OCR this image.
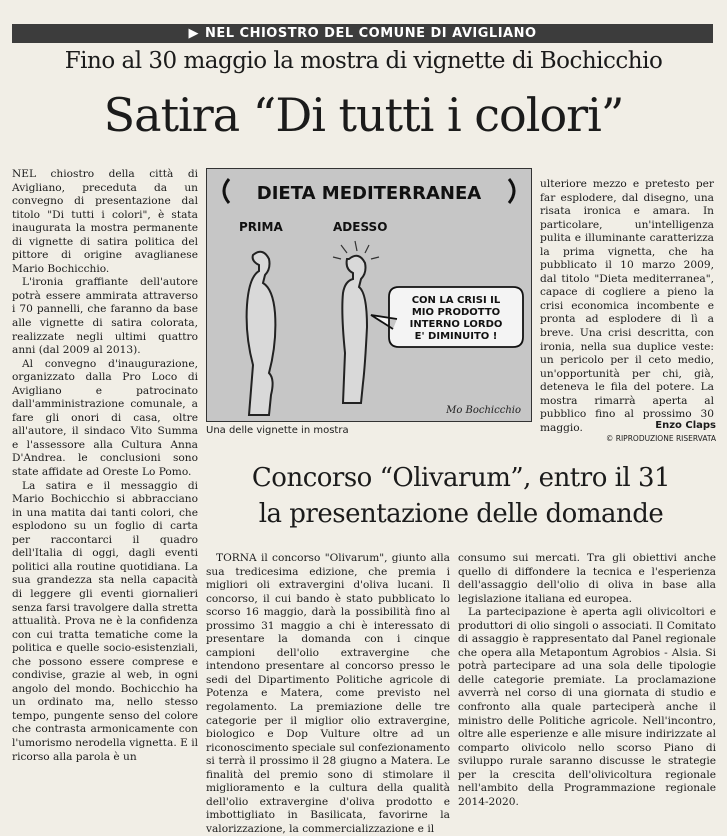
▶ NEL CHIOSTRO DEL COMUNE DI AVIGLIANO
Fino al 30 maggio la mostra di vignette di Bochicchio
Satira “Di tutti i colori”

NEL chiostro della città di Avigliano, preceduta da un convegno di presentazione dal titolo "Di tutti i colori", è stata inaugurata la mostra permanente di vignette di satira politica del pittore di origine avaglianese Mario Bochicchio.

L'ironia graffiante dell'autore potrà essere ammirata attraverso i 70 pannelli, che faranno da base alle vignette di satira colorata, realizzate negli ultimi quattro anni (dal 2009 al 2013).

Al convegno d'inaugurazione, organizzato dalla Pro Loco di Avigliano e patrocinato dall'amministrazione comunale, a fare gli onori di casa, oltre all'autore, il sindaco Vito Summa e l'assessore alla Cultura Anna D'Andrea. le conclusioni sono state affidate ad Oreste Lo Pomo.

La satira e il messaggio di Mario Bochicchio si abbracciano in una matita dai tanti colori, che esplodono su un foglio di carta per raccontarci il quadro dell'Italia di oggi, dagli eventi politici alla routine quotidiana. La sua grandezza sta nella capacità di leggere gli eventi giornalieri senza farsi travolgere dalla stretta attualità. Prova ne è la confidenza con cui tratta tematiche come la politica e quelle socio-esistenziali, che possono essere comprese e condivise, grazie al web, in ogni angolo del mondo. Bochicchio ha un ordinato ma, nello stesso tempo, pungente senso del colore che contrasta armonicamente con l'umorismo nerodella vignetta. E il ricorso alla parola è un

DIETA MEDITERRANEA
PRIMA	ADESSO
CON LA CRISI IL
MIO PRODOTTO
INTERNO LORDO
E' DIMINUITO !
Mo Bochicchio
Una delle vignette in mostra

ulteriore mezzo e pretesto per far esplodere, dal disegno, una risata ironica e amara. In particolare, un'intelligenza pulita e illuminante caratterizza la prima vignetta, che ha pubblicato il 10 marzo 2009, dal titolo "Dieta mediterranea", capace di cogliere a pieno la crisi economica incombente e pronta ad esplodere di lì a breve. Una crisi descritta, con ironia, nella sua duplice veste: un pericolo per il ceto medio, un'opportunità per chi, già, deteneva le fila del potere. La mostra rimarrà aperta al pubblico fino al prossimo 30 maggio.	Enzo Claps
© RIPRODUZIONE RISERVATA
Concorso “Olivarum”, entro il 31
la presentazione delle domande

TORNA il concorso "Olivarum", giunto alla sua tredicesima edizione, che premia i migliori oli extravergini d'oliva lucani. Il concorso, il cui bando è stato pubblicato lo scorso 16 maggio, darà la possibilità fino al prossimo 31 maggio a chi è interessato di presentare la domanda con i cinque campioni dell'olio extravergine che intendono presentare al concorso presso le sedi del Dipartimento Politiche agricole di Potenza e Matera, come previsto nel regolamento. La premiazione delle tre categorie per il miglior olio extravergine, biologico e Dop Vulture oltre ad un riconoscimento speciale sul confezionamento si terrà il prossimo il 28 giugno a Matera. Le finalità del premio sono di stimolare il miglioramento e la cultura della qualità dell'olio extravergine d'oliva prodotto e imbottigliato in Basilicata, favorirne la valorizzazione, la commercializzazione e il

consumo sui mercati. Tra gli obiettivi anche quello di diffondere la tecnica e l'esperienza dell'assaggio dell'olio di oliva in base alla legislazione italiana ed europea.

La partecipazione è aperta agli olivicoltori e produttori di olio singoli o associati. Il Comitato di assaggio è rappresentato dal Panel regionale che opera alla Metapontum Agrobios - Alsia. Si potrà partecipare ad una sola delle tipologie delle categorie premiate. La proclamazione avverrà nel corso di una giornata di studio e confronto alla quale parteciperà anche il ministro delle Politiche agricole. Nell'incontro, oltre alle esperienze e alle misure indirizzate al comparto olivicolo nello scorso Piano di sviluppo rurale saranno discusse le strategie per la crescita dell'olivicoltura regionale nell'ambito della Programmazione regionale 2014-2020.
